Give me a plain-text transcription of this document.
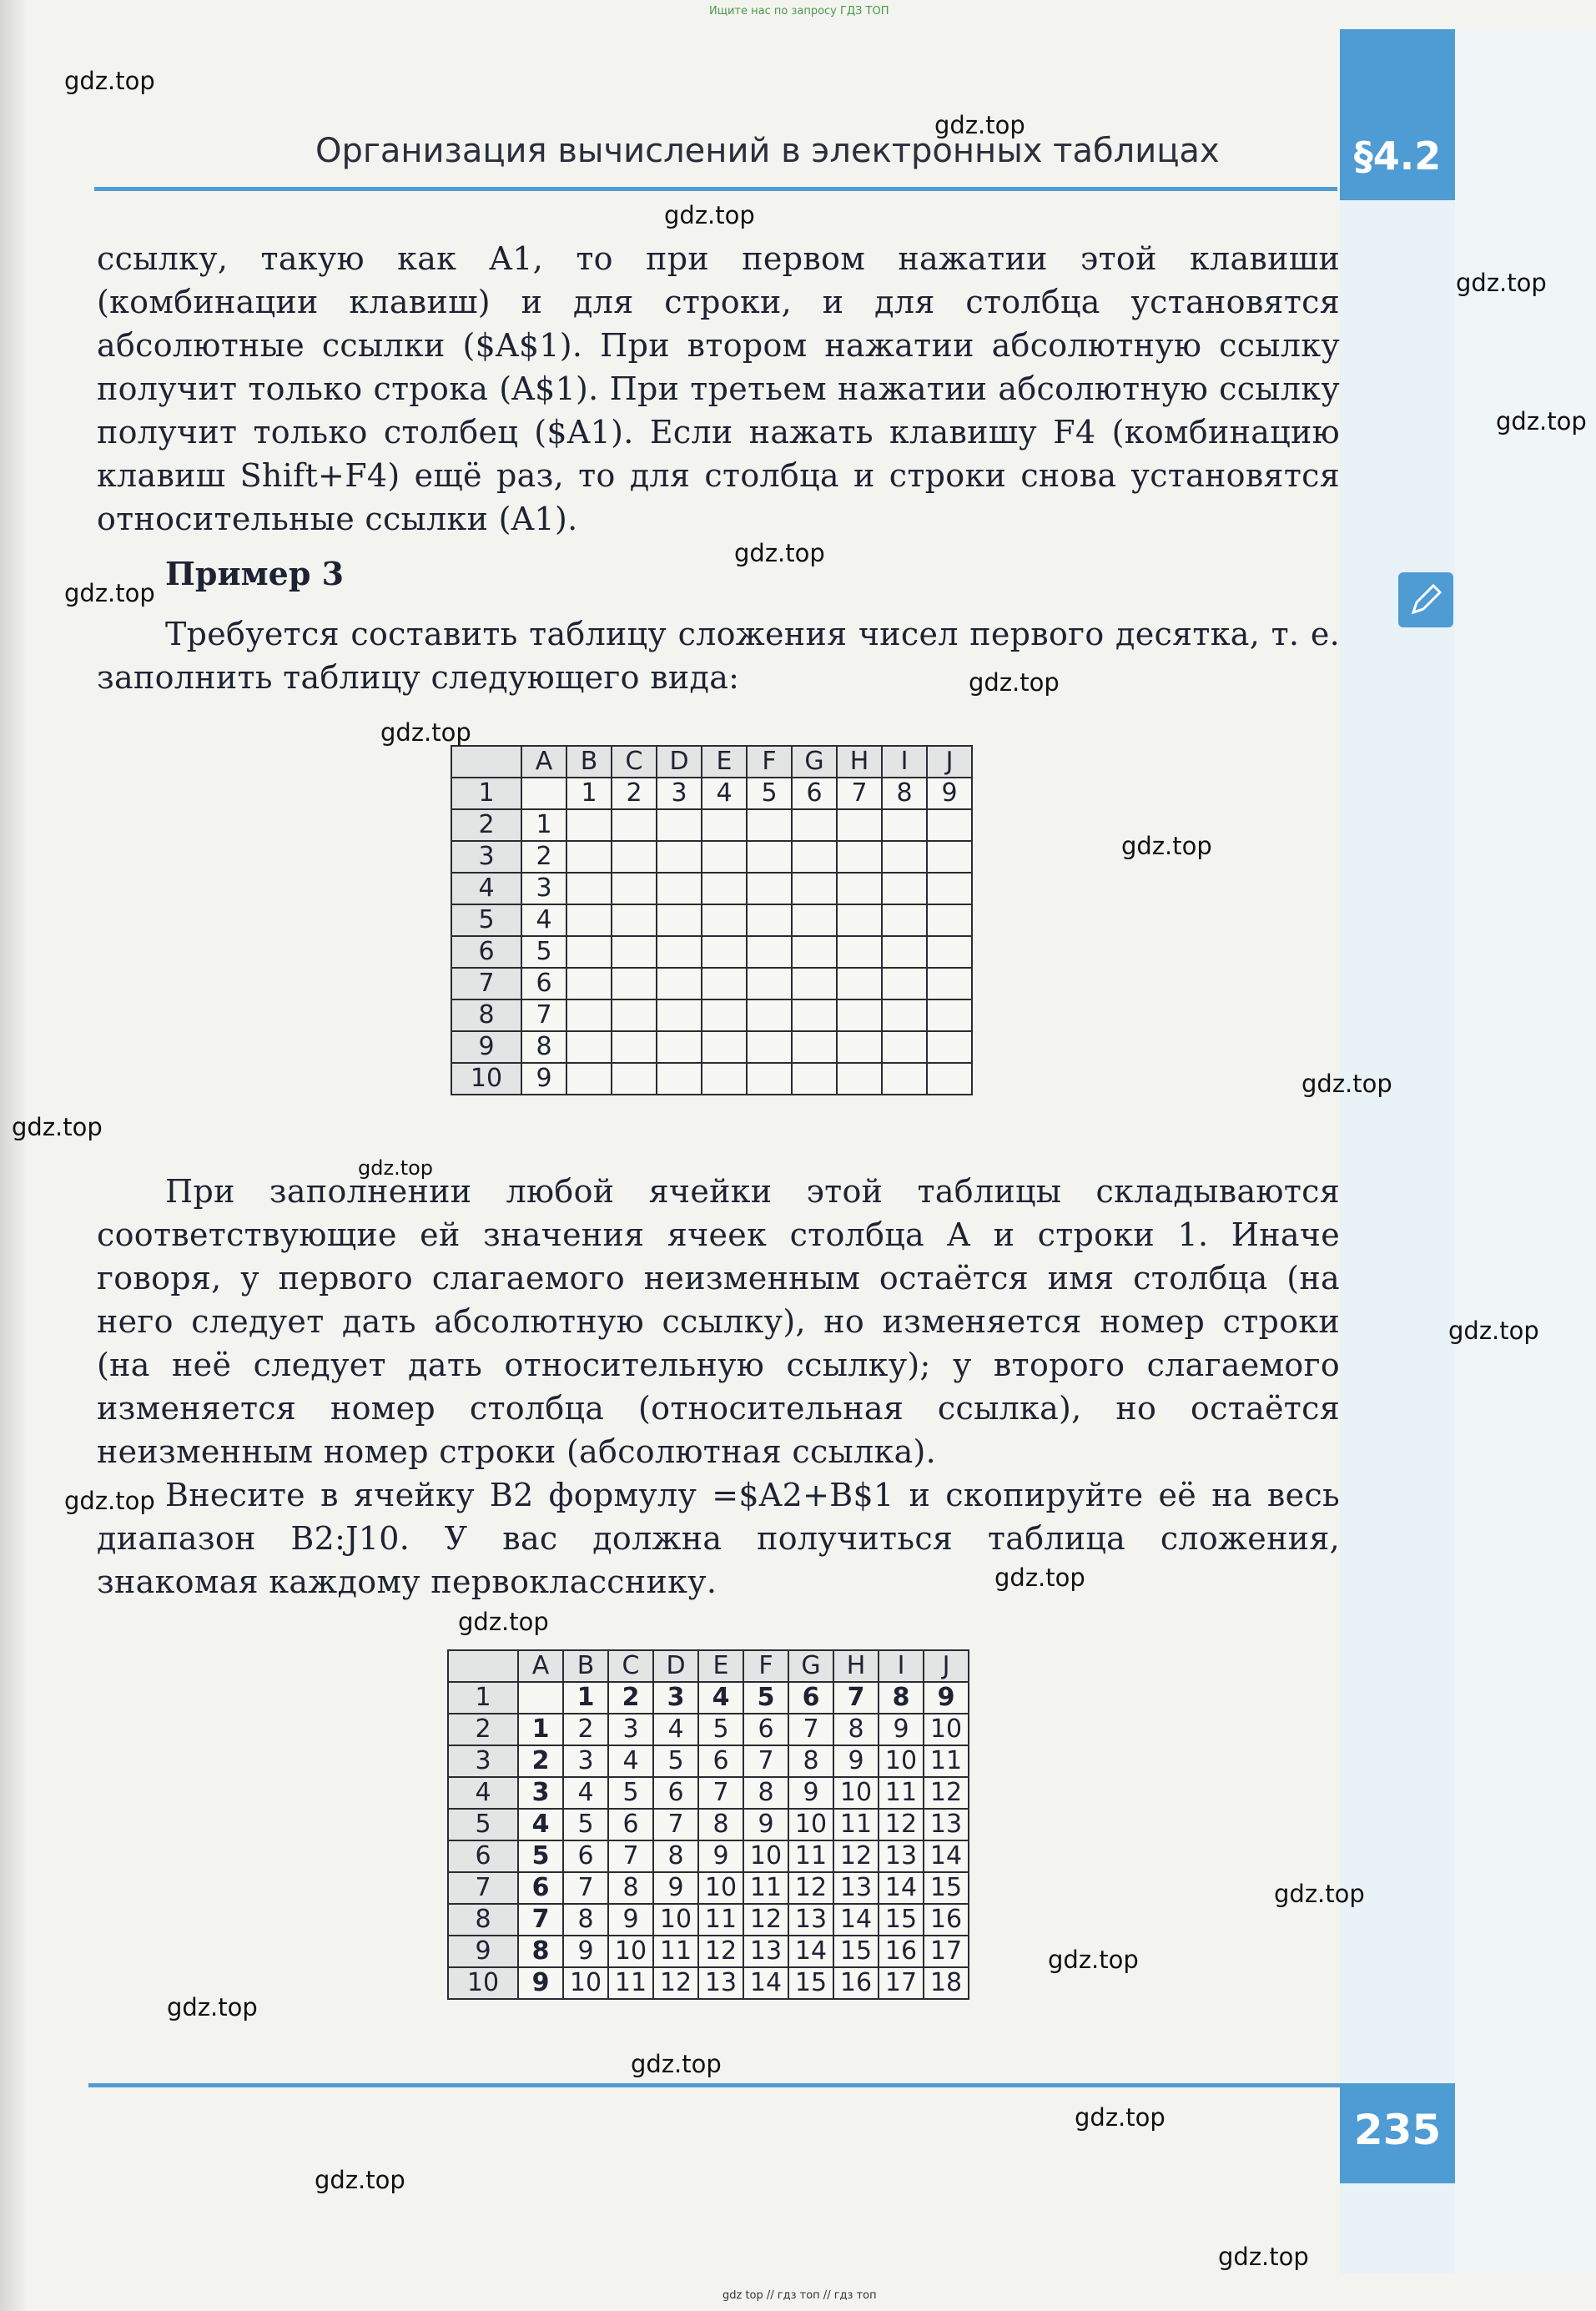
Ищите нас по запросу ГДЗ ТОП
§4.2
Организация вычислений в электронных таблицах

ссылку, такую как A1, то при первом нажатии этой клавиши (комбинации клавиш) и для строки, и для столбца установятся абсолютные ссылки ($A$1). При втором нажатии абсолютную ссылку получит только строка (A$1). При третьем нажатии абсолютную ссылку получит только столбец ($A1). Если нажать клавишу F4 (комбинацию клавиш Shift+F4) ещё раз, то для столбца и строки снова установятся относительные ссылки (A1).

Пример 3

Требуется составить таблицу сложения чисел первого десятка, т. е. заполнить таблицу следующего вида:

	A	B	C	D	E	F	G	H	I	J
1		1	2	3	4	5	6	7	8	9
2	1									
3	2									
4	3									
5	4									
6	5									
7	6									
8	7									
9	8									
10	9									

При заполнении любой ячейки этой таблицы складываются соответствующие ей значения ячеек столбца A и строки 1. Иначе говоря, у первого слагаемого неизменным остаётся имя столбца (на него следует дать абсолютную ссылку), но изменяется номер строки (на неё следует дать относительную ссылку); у второго слагаемого изменяется номер столбца (относительная ссылка), но остаётся неизменным номер строки (абсолютная ссылка).

Внесите в ячейку B2 формулу =$A2+B$1 и скопируйте её на весь диапазон B2:J10. У вас должна получиться таблица сложения, знакомая каждому первокласснику.

	A	B	C	D	E	F	G	H	I	J
1		1	2	3	4	5	6	7	8	9
2	1	2	3	4	5	6	7	8	9	10
3	2	3	4	5	6	7	8	9	10	11
4	3	4	5	6	7	8	9	10	11	12
5	4	5	6	7	8	9	10	11	12	13
6	5	6	7	8	9	10	11	12	13	14
7	6	7	8	9	10	11	12	13	14	15
8	7	8	9	10	11	12	13	14	15	16
9	8	9	10	11	12	13	14	15	16	17
10	9	10	11	12	13	14	15	16	17	18
235
gdz.top
gdz.top
gdz.top
gdz.top
gdz.top
gdz.top
gdz.top
gdz.top
gdz.top
gdz.top
gdz.top
gdz.top
gdz.top
gdz.top
gdz.top
gdz.top
gdz.top
gdz.top
gdz.top
gdz.top
gdz.top
gdz.top
gdz.top
gdz.top
gdz top // гдз топ // гдз топ
